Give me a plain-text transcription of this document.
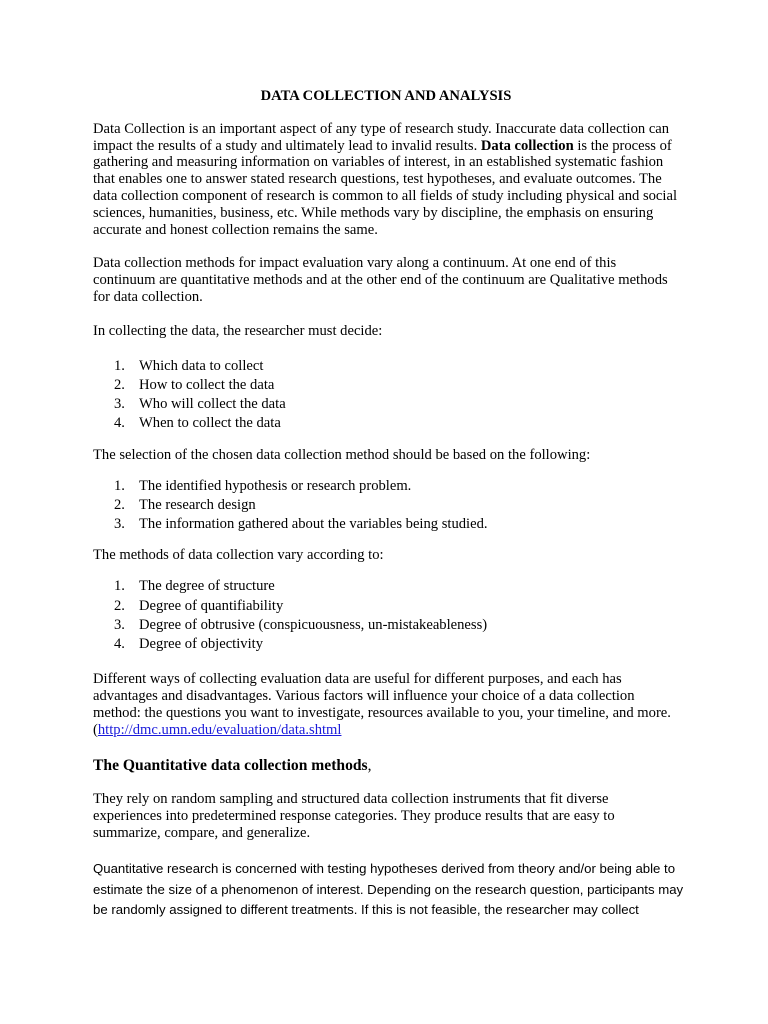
DATA COLLECTION AND ANALYSIS

Data Collection is an important aspect of any type of research study. Inaccurate data collection can impact the results of a study and ultimately lead to invalid results. Data collection is the process of gathering and measuring information on variables of interest, in an established systematic fashion that enables one to answer stated research questions, test hypotheses, and evaluate outcomes. The data collection component of research is common to all fields of study including physical and social sciences, humanities, business, etc. While methods vary by discipline, the emphasis on ensuring accurate and honest collection remains the same.

Data collection methods for impact evaluation vary along a continuum. At one end of this continuum are quantitative methods and at the other end of the continuum are Qualitative methods for data collection.

In collecting the data, the researcher must decide:

1. Which data to collect
2. How to collect the data
3. Who will collect the data
4. When to collect the data

The selection of the chosen data collection method should be based on the following:

1. The identified hypothesis or research problem.
2. The research design
3. The information gathered about the variables being studied.

The methods of data collection vary according to:

1. The degree of structure
2. Degree of quantifiability
3. Degree of obtrusive (conspicuousness, un-mistakeableness)
4. Degree of objectivity

Different ways of collecting evaluation data are useful for different purposes, and each has advantages and disadvantages. Various factors will influence your choice of a data collection method: the questions you want to investigate, resources available to you, your timeline, and more. (http://dmc.umn.edu/evaluation/data.shtml

The Quantitative data collection methods,

They rely on random sampling and structured data collection instruments that fit diverse experiences into predetermined response categories. They produce results that are easy to summarize, compare, and generalize.

Quantitative research is concerned with testing hypotheses derived from theory and/or being able to estimate the size of a phenomenon of interest. Depending on the research question, participants may be randomly assigned to different treatments. If this is not feasible, the researcher may collect
